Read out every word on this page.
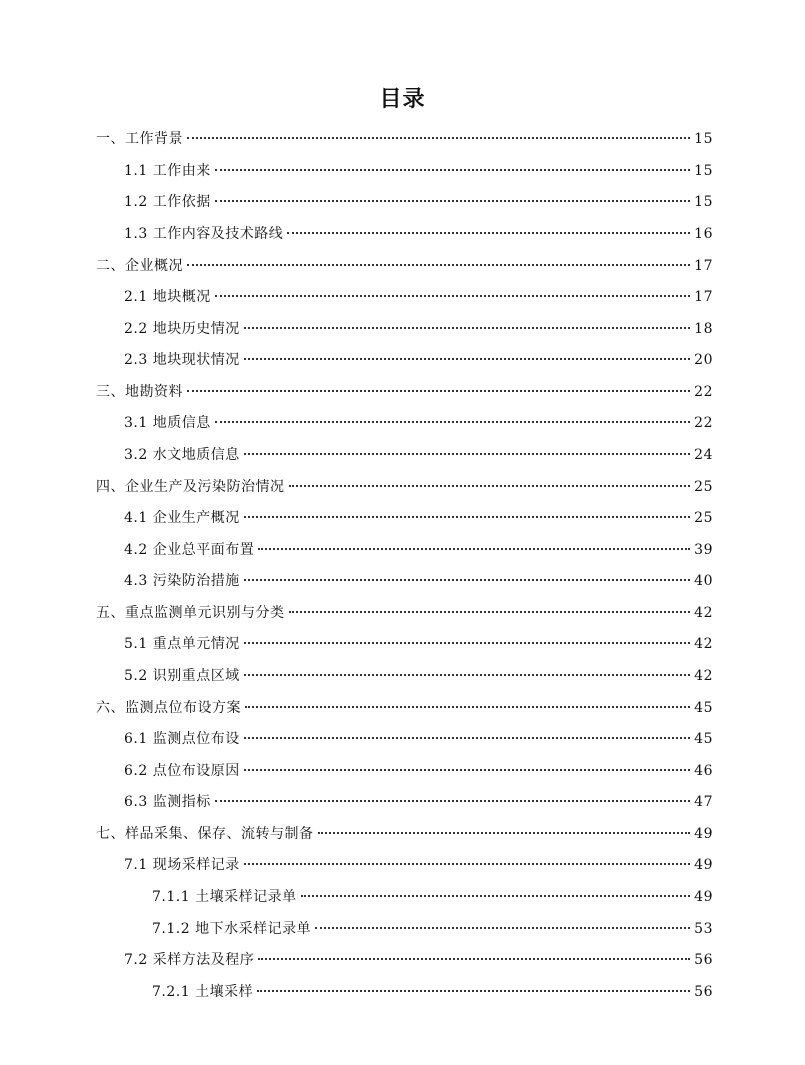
目录
一、工作背景	15
1.1 工作由来	15
1.2 工作依据	15
1.3 工作内容及技术路线	16
二、企业概况	17
2.1 地块概况	17
2.2 地块历史情况	18
2.3 地块现状情况	20
三、地勘资料	22
3.1 地质信息	22
3.2 水文地质信息	24
四、企业生产及污染防治情况	25
4.1 企业生产概况	25
4.2 企业总平面布置	39
4.3 污染防治措施	40
五、重点监测单元识别与分类	42
5.1 重点单元情况	42
5.2 识别重点区域	42
六、监测点位布设方案	45
6.1 监测点位布设	45
6.2 点位布设原因	46
6.3 监测指标	47
七、样品采集、保存、流转与制备	49
7.1 现场采样记录	49
7.1.1 土壤采样记录单	49
7.1.2 地下水采样记录单	53
7.2 采样方法及程序	56
7.2.1 土壤采样	56
